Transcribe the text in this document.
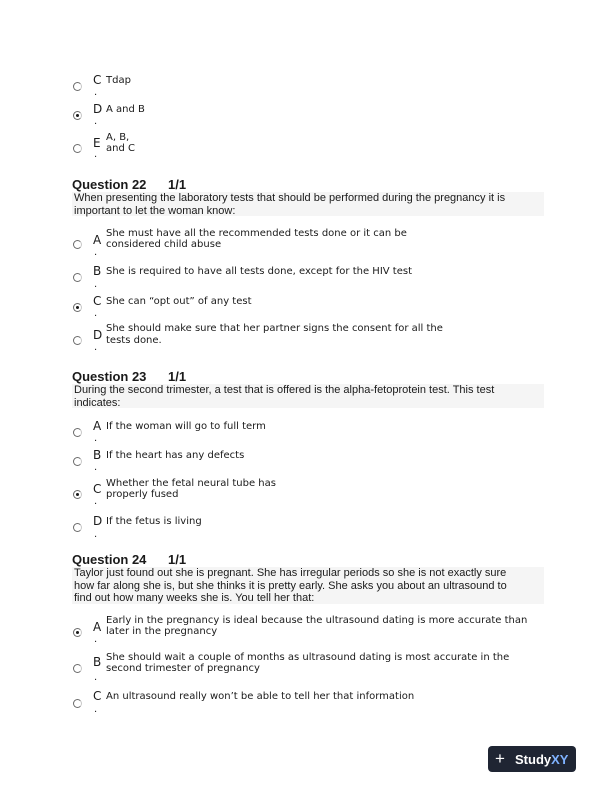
C Tdap
.
D A and B
.
E A, B,
and C
.
Question 22 1/1
When presenting the laboratory tests that should be performed during the pregnancy it is
important to let the woman know:
A She must have all the recommended tests done or it can be
considered child abuse
.
B She is required to have all tests done, except for the HIV test
.
C She can “opt out” of any test
.
D She should make sure that her partner signs the consent for all the
tests done.
.
Question 23 1/1
During the second trimester, a test that is offered is the alpha-fetoprotein test. This test
indicates:
A If the woman will go to full term
.
B If the heart has any defects
.
C Whether the fetal neural tube has
properly fused
.
D If the fetus is living
.
Question 24 1/1
Taylor just found out she is pregnant. She has irregular periods so she is not exactly sure
how far along she is, but she thinks it is pretty early. She asks you about an ultrasound to
find out how many weeks she is. You tell her that:
A Early in the pregnancy is ideal because the ultrasound dating is more accurate than
later in the pregnancy
.
B She should wait a couple of months as ultrasound dating is most accurate in the
second trimester of pregnancy
.
C An ultrasound really won’t be able to tell her that information
.
+ StudyXY
